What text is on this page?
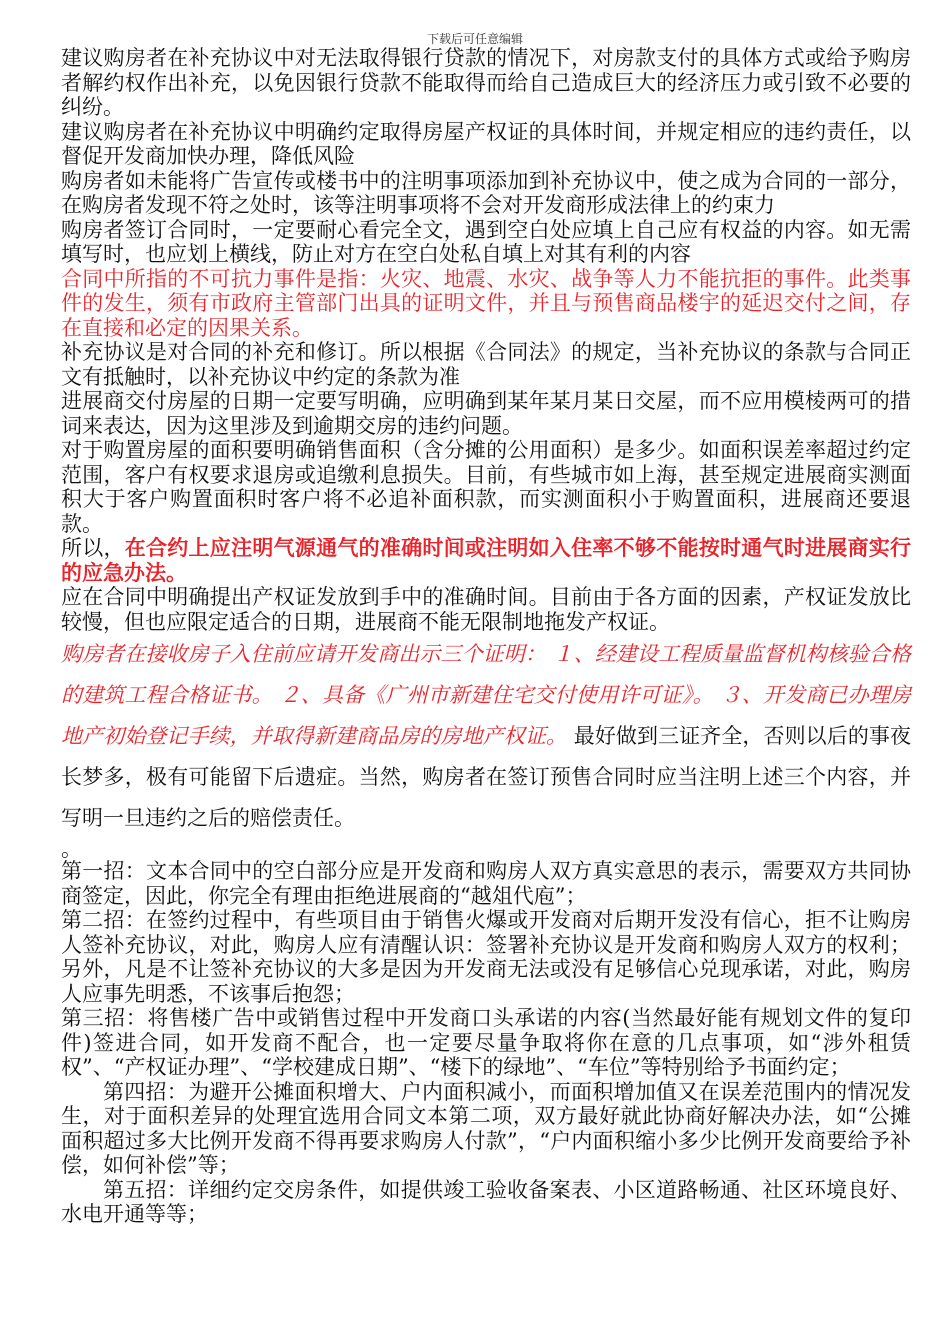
下载后可任意编辑

建议购房者在补充协议中对无法取得银行贷款的情况下，对房款支付的具体方式或给予购房者解约权作出补充，以免因银行贷款不能取得而给自己造成巨大的经济压力或引致不必要的纠纷。

建议购房者在补充协议中明确约定取得房屋产权证的具体时间，并规定相应的违约责任，以督促开发商加快办理，降低风险

购房者如未能将广告宣传或楼书中的注明事项添加到补充协议中，使之成为合同的一部分，在购房者发现不符之处时，该等注明事项将不会对开发商形成法律上的约束力

购房者签订合同时，一定要耐心看完全文，遇到空白处应填上自己应有权益的内容。如无需填写时，也应划上横线，防止对方在空白处私自填上对其有利的内容

合同中所指的不可抗力事件是指：火灾、地震、水灾、战争等人力不能抗拒的事件。此类事件的发生，须有市政府主管部门出具的证明文件，并且与预售商品楼宇的延迟交付之间，存在直接和必定的因果关系。

补充协议是对合同的补充和修订。所以根据《合同法》的规定，当补充协议的条款与合同正文有抵触时，以补充协议中约定的条款为准

进展商交付房屋的日期一定要写明确，应明确到某年某月某日交屋，而不应用模棱两可的措词来表达，因为这里涉及到逾期交房的违约问题。

对于购置房屋的面积要明确销售面积（含分摊的公用面积）是多少。如面积误差率超过约定范围，客户有权要求退房或追缴利息损失。目前，有些城市如上海，甚至规定进展商实测面积大于客户购置面积时客户将不必追补面积款，而实测面积小于购置面积，进展商还要退款。

所以，在合约上应注明气源通气的准确时间或注明如入住率不够不能按时通气时进展商实行的应急办法。

应在合同中明确提出产权证发放到手中的准确时间。目前由于各方面的因素，产权证发放比较慢，但也应限定适合的日期，进展商不能无限制地拖发产权证。

购房者在接收房子入住前应请开发商出示三个证明： １、经建设工程质量监督机构核验合格的建筑工程合格证书。 ２、具备《广州市新建住宅交付使用许可证》。 ３、开发商已办理房地产初始登记手续，并取得新建商品房的房地产权证。 最好做到三证齐全，否则以后的事夜长梦多，极有可能留下后遗症。当然，购房者在签订预售合同时应当注明上述三个内容，并写明一旦违约之后的赔偿责任。

。

第一招：文本合同中的空白部分应是开发商和购房人双方真实意思的表示，需要双方共同协商签定，因此，你完全有理由拒绝进展商的“越俎代庖”；

第二招：在签约过程中，有些项目由于销售火爆或开发商对后期开发没有信心，拒不让购房人签补充协议，对此，购房人应有清醒认识：签署补充协议是开发商和购房人双方的权利；另外，凡是不让签补充协议的大多是因为开发商无法或没有足够信心兑现承诺，对此，购房人应事先明悉，不该事后抱怨；

第三招：将售楼广告中或销售过程中开发商口头承诺的内容(当然最好能有规划文件的复印件)签进合同，如开发商不配合，也一定要尽量争取将你在意的几点事项，如“涉外租赁权”、“产权证办理”、“学校建成日期”、“楼下的绿地”、“车位”等特别给予书面约定；

第四招：为避开公摊面积增大、户内面积减小，而面积增加值又在误差范围内的情况发生，对于面积差异的处理宜选用合同文本第二项，双方最好就此协商好解决办法，如“公摊面积超过多大比例开发商不得再要求购房人付款”，“户内面积缩小多少比例开发商要给予补偿，如何补偿”等；

第五招：详细约定交房条件，如提供竣工验收备案表、小区道路畅通、社区环境良好、水电开通等等；
